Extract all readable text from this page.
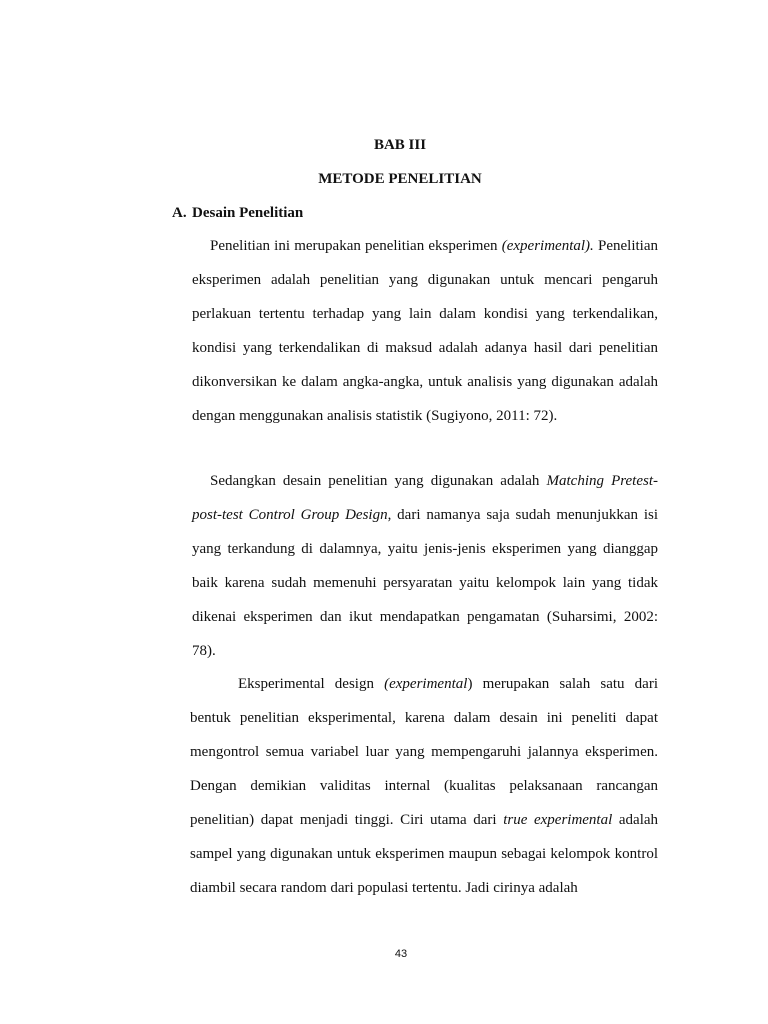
BAB III
METODE PENELITIAN
A. Desain Penelitian

Penelitian ini merupakan penelitian eksperimen (experimental). Penelitian eksperimen adalah penelitian yang digunakan untuk mencari pengaruh perlakuan tertentu terhadap yang lain dalam kondisi yang terkendalikan, kondisi yang terkendalikan di maksud adalah adanya hasil dari penelitian dikonversikan ke dalam angka-angka, untuk analisis yang digunakan adalah dengan menggunakan analisis statistik (Sugiyono, 2011: 72).

Sedangkan desain penelitian yang digunakan adalah Matching Pretest-post-test Control Group Design, dari namanya saja sudah menunjukkan isi yang terkandung di dalamnya, yaitu jenis-jenis eksperimen yang dianggap baik karena sudah memenuhi persyaratan yaitu kelompok lain yang tidak dikenai eksperimen dan ikut mendapatkan pengamatan (Suharsimi, 2002: 78).

Eksperimental design (experimental) merupakan salah satu dari bentuk penelitian eksperimental, karena dalam desain ini peneliti dapat mengontrol semua variabel luar yang mempengaruhi jalannya eksperimen. Dengan demikian validitas internal (kualitas pelaksanaan rancangan penelitian) dapat menjadi tinggi. Ciri utama dari true experimental adalah sampel yang digunakan untuk eksperimen maupun sebagai kelompok kontrol diambil secara random dari populasi tertentu. Jadi cirinya adalah

43
